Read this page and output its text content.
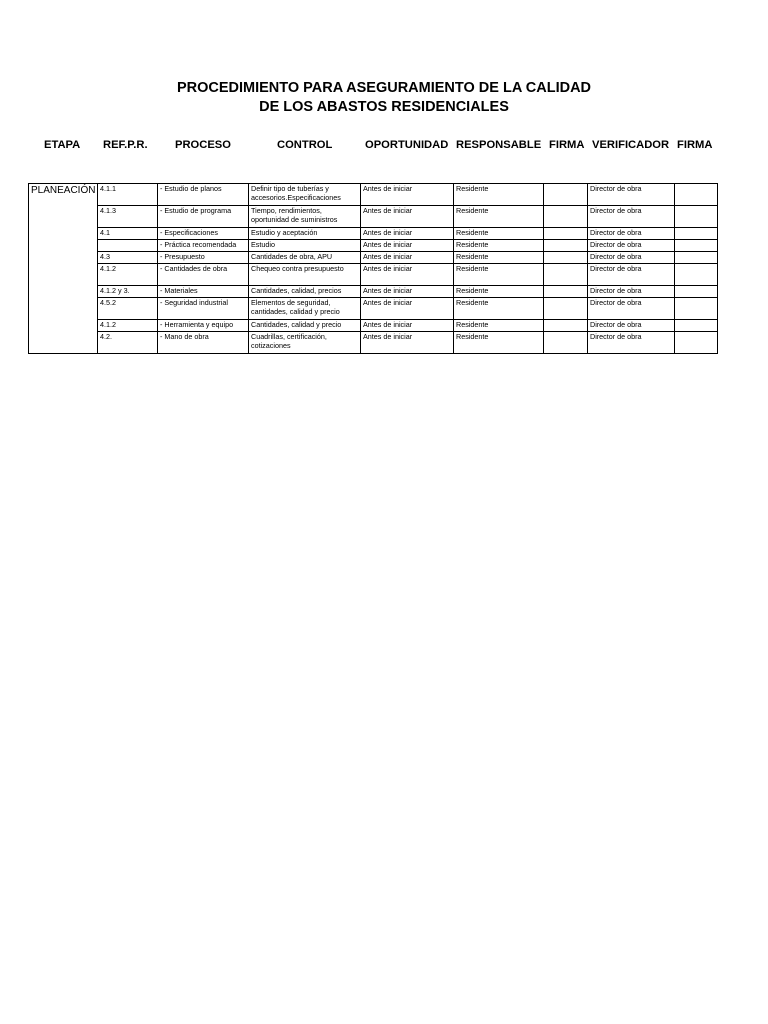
PROCEDIMIENTO PARA ASEGURAMIENTO DE LA CALIDAD
DE LOS ABASTOS RESIDENCIALES
ETAPA REF.P.R. PROCESO	CONTROL	OPORTUNIDAD RESPONSABLE FIRMA VERIFICADOR FIRMA
PLANEACIÓN	4.1.1	- Estudio de planos	Definir tipo de tuberías y accesorios.Especificaciones	Antes de iniciar	Residente		Director de obra	
	4.1.3	- Estudio de programa	Tiempo, rendimientos, oportunidad de suministros	Antes de iniciar	Residente		Director de obra	
	4.1	- Especificaciones	Estudio y aceptación	Antes de iniciar	Residente		Director de obra	
		- Práctica recomendada	Estudio	Antes de iniciar	Residente		Director de obra	
	4.3	- Presupuesto	Cantidades de obra, APU	Antes de iniciar	Residente		Director de obra	
	4.1.2	- Cantidades de obra	Chequeo contra presupuesto	Antes de iniciar	Residente		Director de obra	
	4.1.2 y 3.	- Materiales	Cantidades, calidad, precios	Antes de iniciar	Residente		Director de obra	
	4.5.2	- Seguridad industrial	Elementos de seguridad, cantidades, calidad y precio	Antes de iniciar	Residente		Director de obra	
	4.1.2	- Herramienta y equipo	Cantidades, calidad y precio	Antes de iniciar	Residente		Director de obra	
	4.2.	- Mano de obra	Cuadrillas, certificación, cotizaciones	Antes de iniciar	Residente		Director de obra	
